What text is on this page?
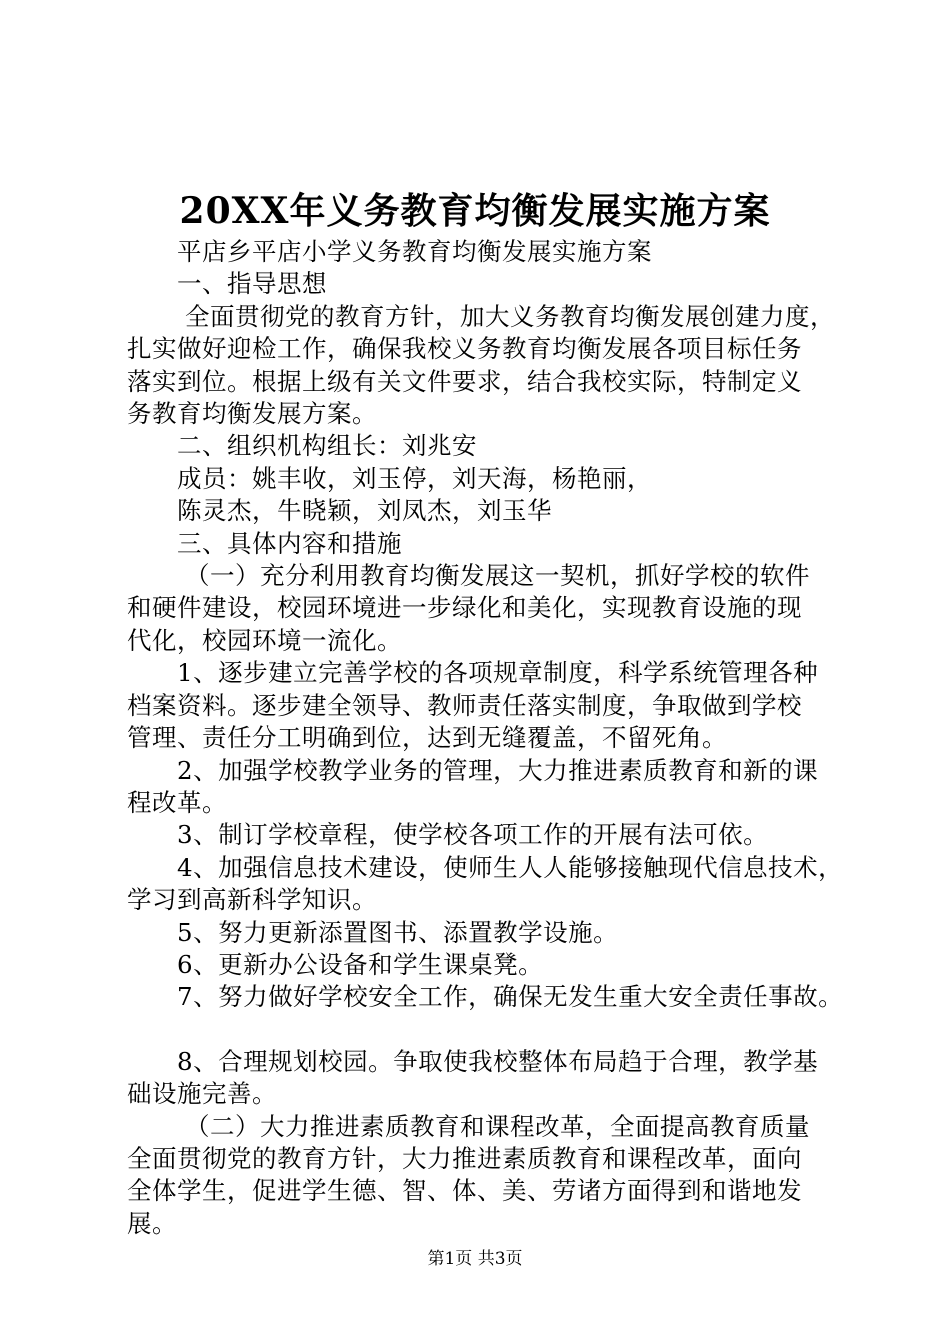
20XX年义务教育均衡发展实施方案

平店乡平店小学义务教育均衡发展实施方案

一、指导思想

全面贯彻党的教育方针，加大义务教育均衡发展创建力度，

扎实做好迎检工作，确保我校义务教育均衡发展各项目标任务

落实到位。根据上级有关文件要求，结合我校实际，特制定义

务教育均衡发展方案。

二、组织机构组长：刘兆安

成员：姚丰收，刘玉停，刘天海，杨艳丽，

陈灵杰，牛晓颖，刘凤杰，刘玉华

三、具体内容和措施

（一）充分利用教育均衡发展这一契机，抓好学校的软件

和硬件建设，校园环境进一步绿化和美化，实现教育设施的现

代化，校园环境一流化。

1、逐步建立完善学校的各项规章制度，科学系统管理各种

档案资料。逐步建全领导、教师责任落实制度，争取做到学校

管理、责任分工明确到位，达到无缝覆盖，不留死角。

2、加强学校教学业务的管理，大力推进素质教育和新的课

程改革。

3、制订学校章程，使学校各项工作的开展有法可依。

4、加强信息技术建设，使师生人人能够接触现代信息技术，

学习到高新科学知识。

5、努力更新添置图书、添置教学设施。

6、更新办公设备和学生课桌凳。

7、努力做好学校安全工作，确保无发生重大安全责任事故。

8、合理规划校园。争取使我校整体布局趋于合理，教学基

础设施完善。

（二）大力推进素质教育和课程改革，全面提高教育质量

全面贯彻党的教育方针，大力推进素质教育和课程改革，面向

全体学生，促进学生德、智、体、美、劳诸方面得到和谐地发

展。

第1页 共3页
